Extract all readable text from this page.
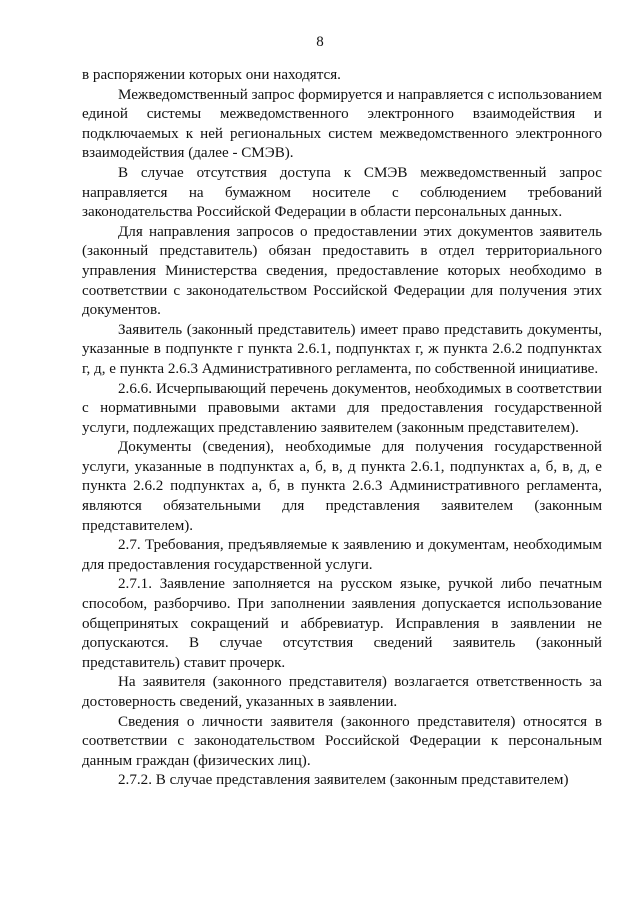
8

в распоряжении которых они находятся.

Межведомственный запрос формируется и направляется с использованием единой системы межведомственного электронного взаимодействия и подключаемых к ней региональных систем межведомственного электронного взаимодействия (далее - СМЭВ).

В случае отсутствия доступа к СМЭВ межведомственный запрос направляется на бумажном носителе с соблюдением требований законодательства Российской Федерации в области персональных данных.

Для направления запросов о предоставлении этих документов заявитель (законный представитель) обязан предоставить в отдел территориального управления Министерства сведения, предоставление которых необходимо в соответствии с законодательством Российской Федерации для получения этих документов.

Заявитель (законный представитель) имеет право представить документы, указанные в подпункте г пункта 2.6.1, подпунктах г, ж пункта 2.6.2 подпунктах г, д, е пункта 2.6.3 Административного регламента, по собственной инициативе.

2.6.6. Исчерпывающий перечень документов, необходимых в соответствии с нормативными правовыми актами для предоставления государственной услуги, подлежащих представлению заявителем (законным представителем).

Документы (сведения), необходимые для получения государственной услуги, указанные в подпунктах а, б, в, д пункта 2.6.1, подпунктах а, б, в, д, е пункта 2.6.2 подпунктах а, б, в пункта 2.6.3 Административного регламента, являются обязательными для представления заявителем (законным представителем).

2.7. Требования, предъявляемые к заявлению и документам, необходимым для предоставления государственной услуги.

2.7.1. Заявление заполняется на русском языке, ручкой либо печатным способом, разборчиво. При заполнении заявления допускается использование общепринятых сокращений и аббревиатур. Исправления в заявлении не допускаются. В случае отсутствия сведений заявитель (законный представитель) ставит прочерк.

На заявителя (законного представителя) возлагается ответственность за достоверность сведений, указанных в заявлении.

Сведения о личности заявителя (законного представителя) относятся в соответствии с законодательством Российской Федерации к персональным данным граждан (физических лиц).

2.7.2. В случае представления заявителем (законным представителем)
